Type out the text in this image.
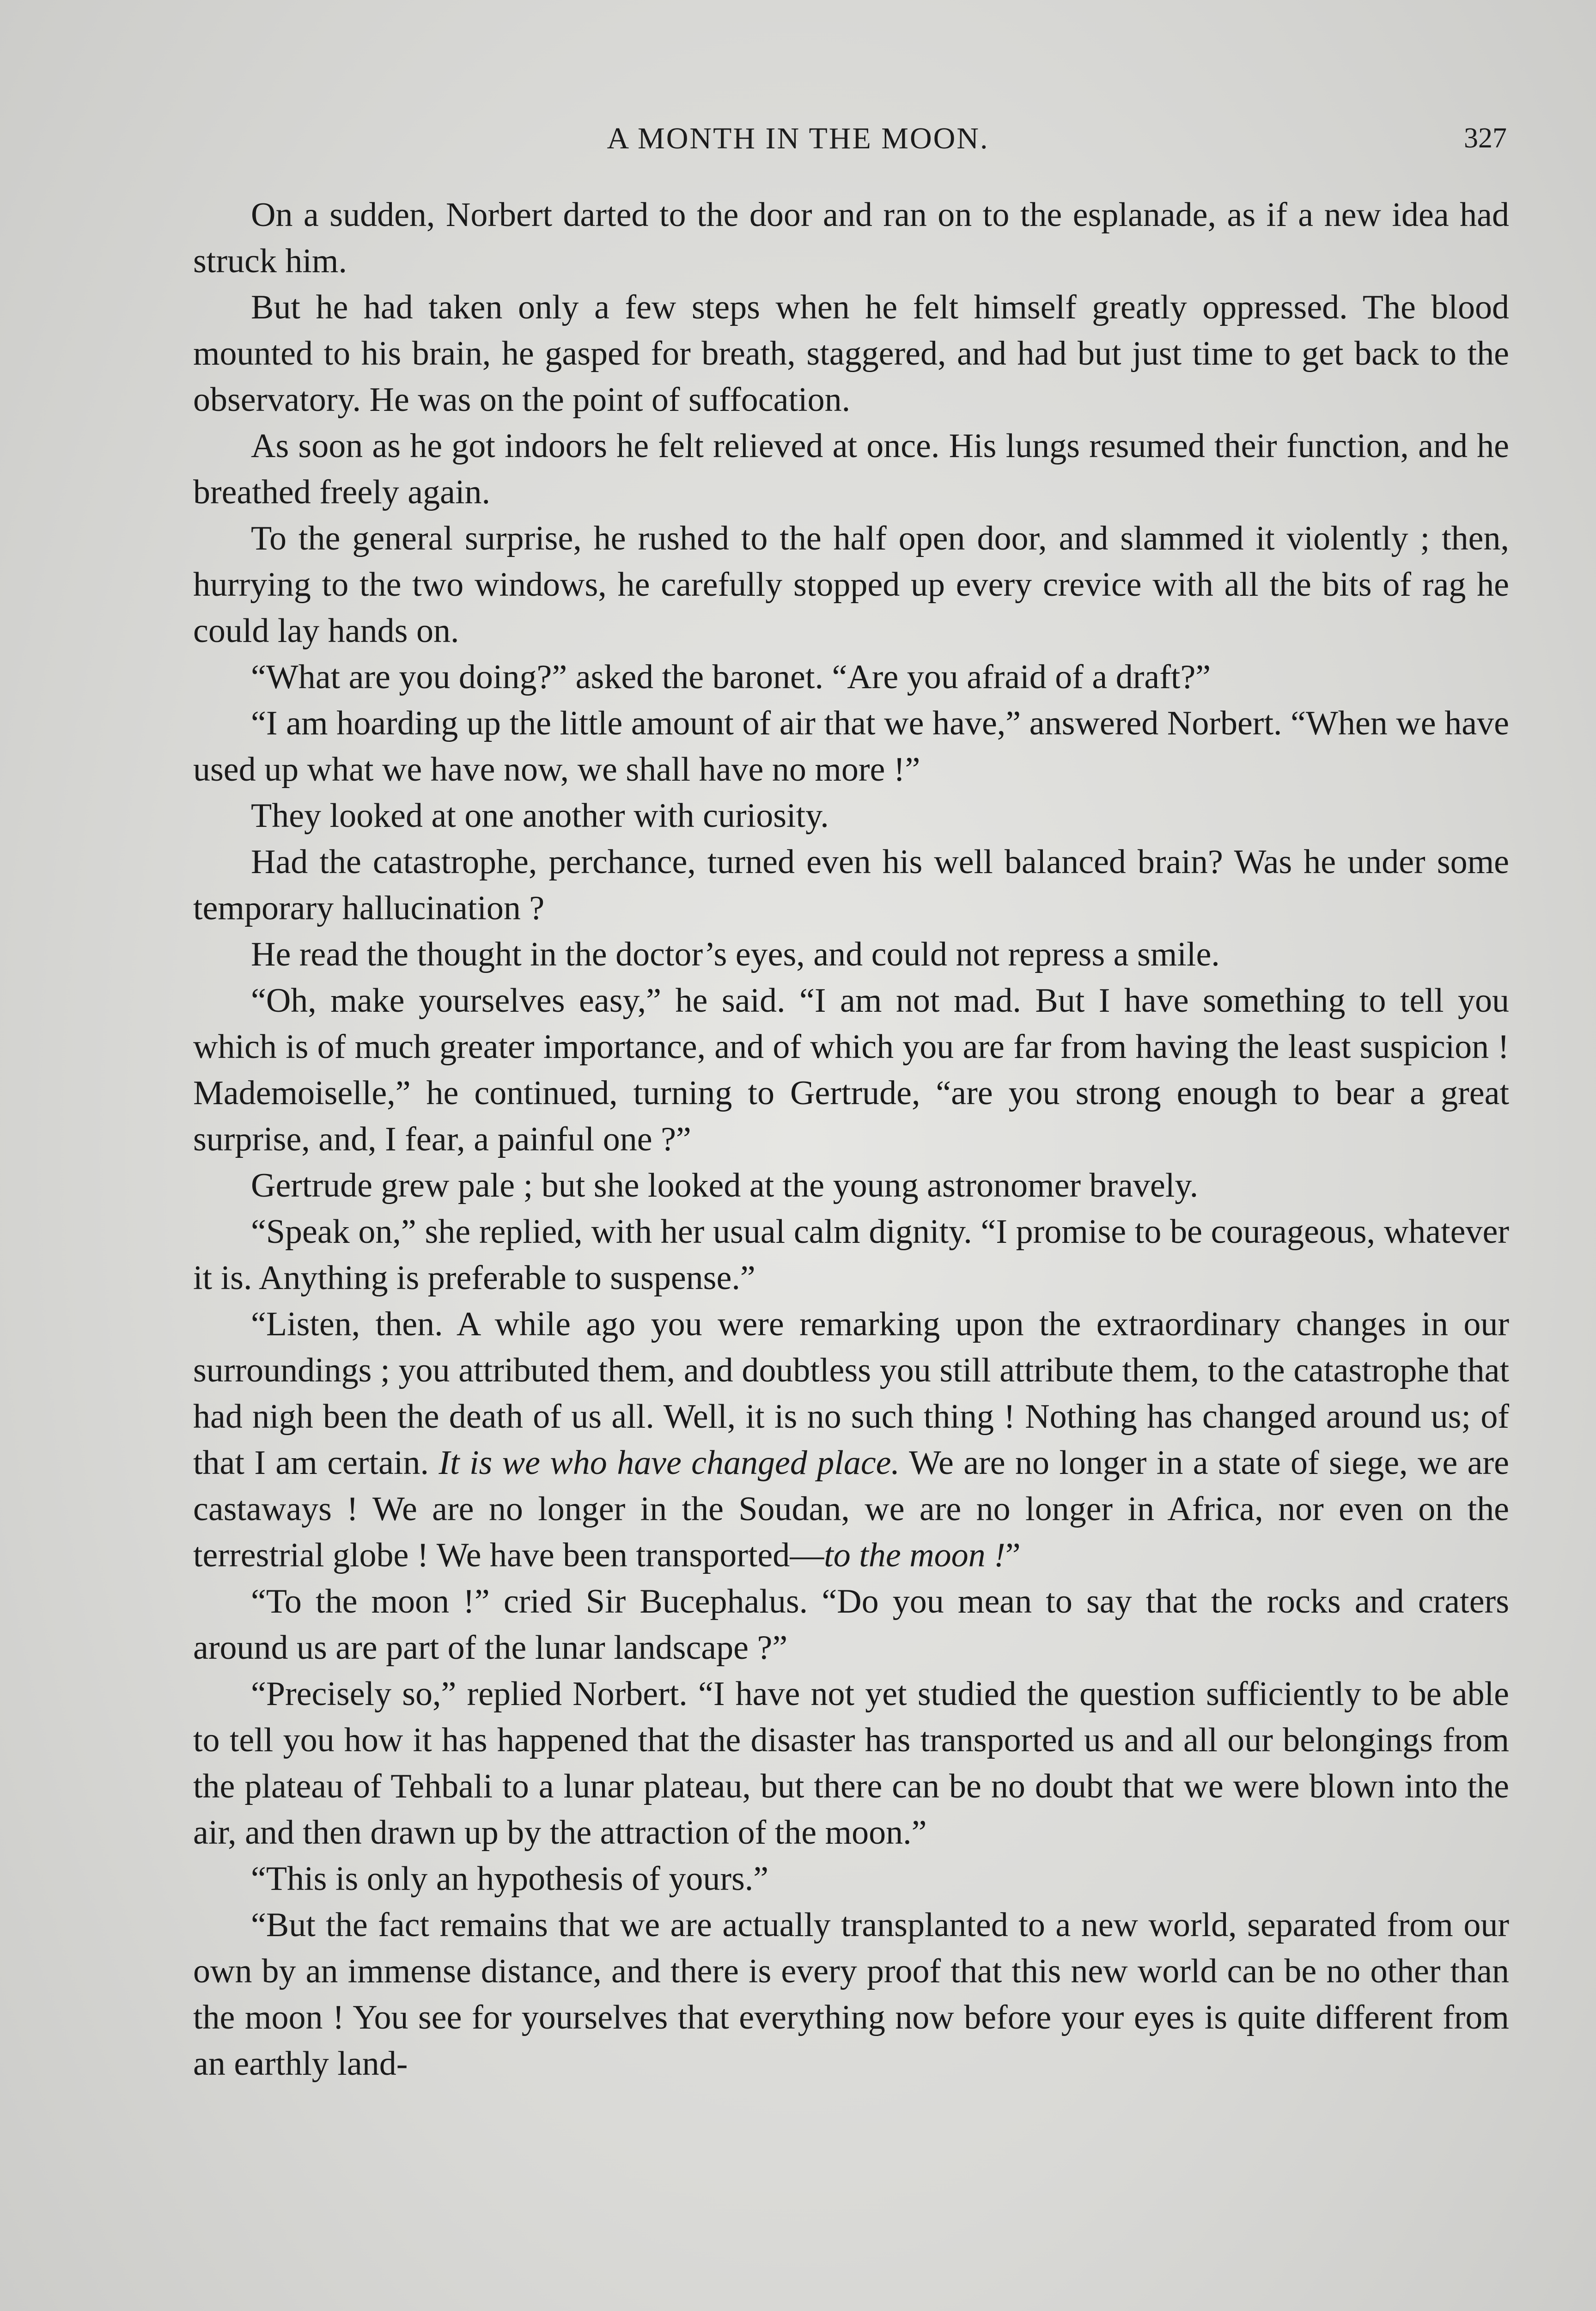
A MONTH IN THE MOON.	327

On a sudden, Norbert darted to the door and ran on to the esplanade, as if a new idea had struck him.

But he had taken only a few steps when he felt himself greatly oppressed. The blood mounted to his brain, he gasped for breath, staggered, and had but just time to get back to the observatory. He was on the point of suffocation.

As soon as he got indoors he felt relieved at once. His lungs resumed their function, and he breathed freely again.

To the general surprise, he rushed to the half open door, and slammed it violently ; then, hurrying to the two windows, he carefully stopped up every crevice with all the bits of rag he could lay hands on.

“What are you doing?” asked the baronet. “Are you afraid of a draft?”

“I am hoarding up the little amount of air that we have,” answered Norbert. “When we have used up what we have now, we shall have no more !”

They looked at one another with curiosity.

Had the catastrophe, perchance, turned even his well balanced brain? Was he under some temporary hallucination ?

He read the thought in the doctor’s eyes, and could not repress a smile.

“Oh, make yourselves easy,” he said. “I am not mad. But I have something to tell you which is of much greater importance, and of which you are far from having the least suspicion ! Mademoiselle,” he continued, turning to Gertrude, “are you strong enough to bear a great surprise, and, I fear, a painful one ?”

Gertrude grew pale ; but she looked at the young astronomer bravely.

“Speak on,” she replied, with her usual calm dignity. “I promise to be courageous, whatever it is. Anything is preferable to suspense.”

“Listen, then. A while ago you were remarking upon the extraordinary changes in our surroundings ; you attributed them, and doubtless you still attribute them, to the catastrophe that had nigh been the death of us all. Well, it is no such thing ! Nothing has changed around us; of that I am certain. It is we who have changed place. We are no longer in a state of siege, we are castaways ! We are no longer in the Soudan, we are no longer in Africa, nor even on the terrestrial globe ! We have been transported—to the moon !”

“To the moon !” cried Sir Bucephalus. “Do you mean to say that the rocks and craters around us are part of the lunar landscape ?”

“Precisely so,” replied Norbert. “I have not yet studied the question sufficiently to be able to tell you how it has happened that the disaster has transported us and all our belongings from the plateau of Tehbali to a lunar plateau, but there can be no doubt that we were blown into the air, and then drawn up by the attraction of the moon.”

“This is only an hypothesis of yours.”

“But the fact remains that we are actually transplanted to a new world, separated from our own by an immense distance, and there is every proof that this new world can be no other than the moon ! You see for yourselves that everything now before your eyes is quite different from an earthly land-
